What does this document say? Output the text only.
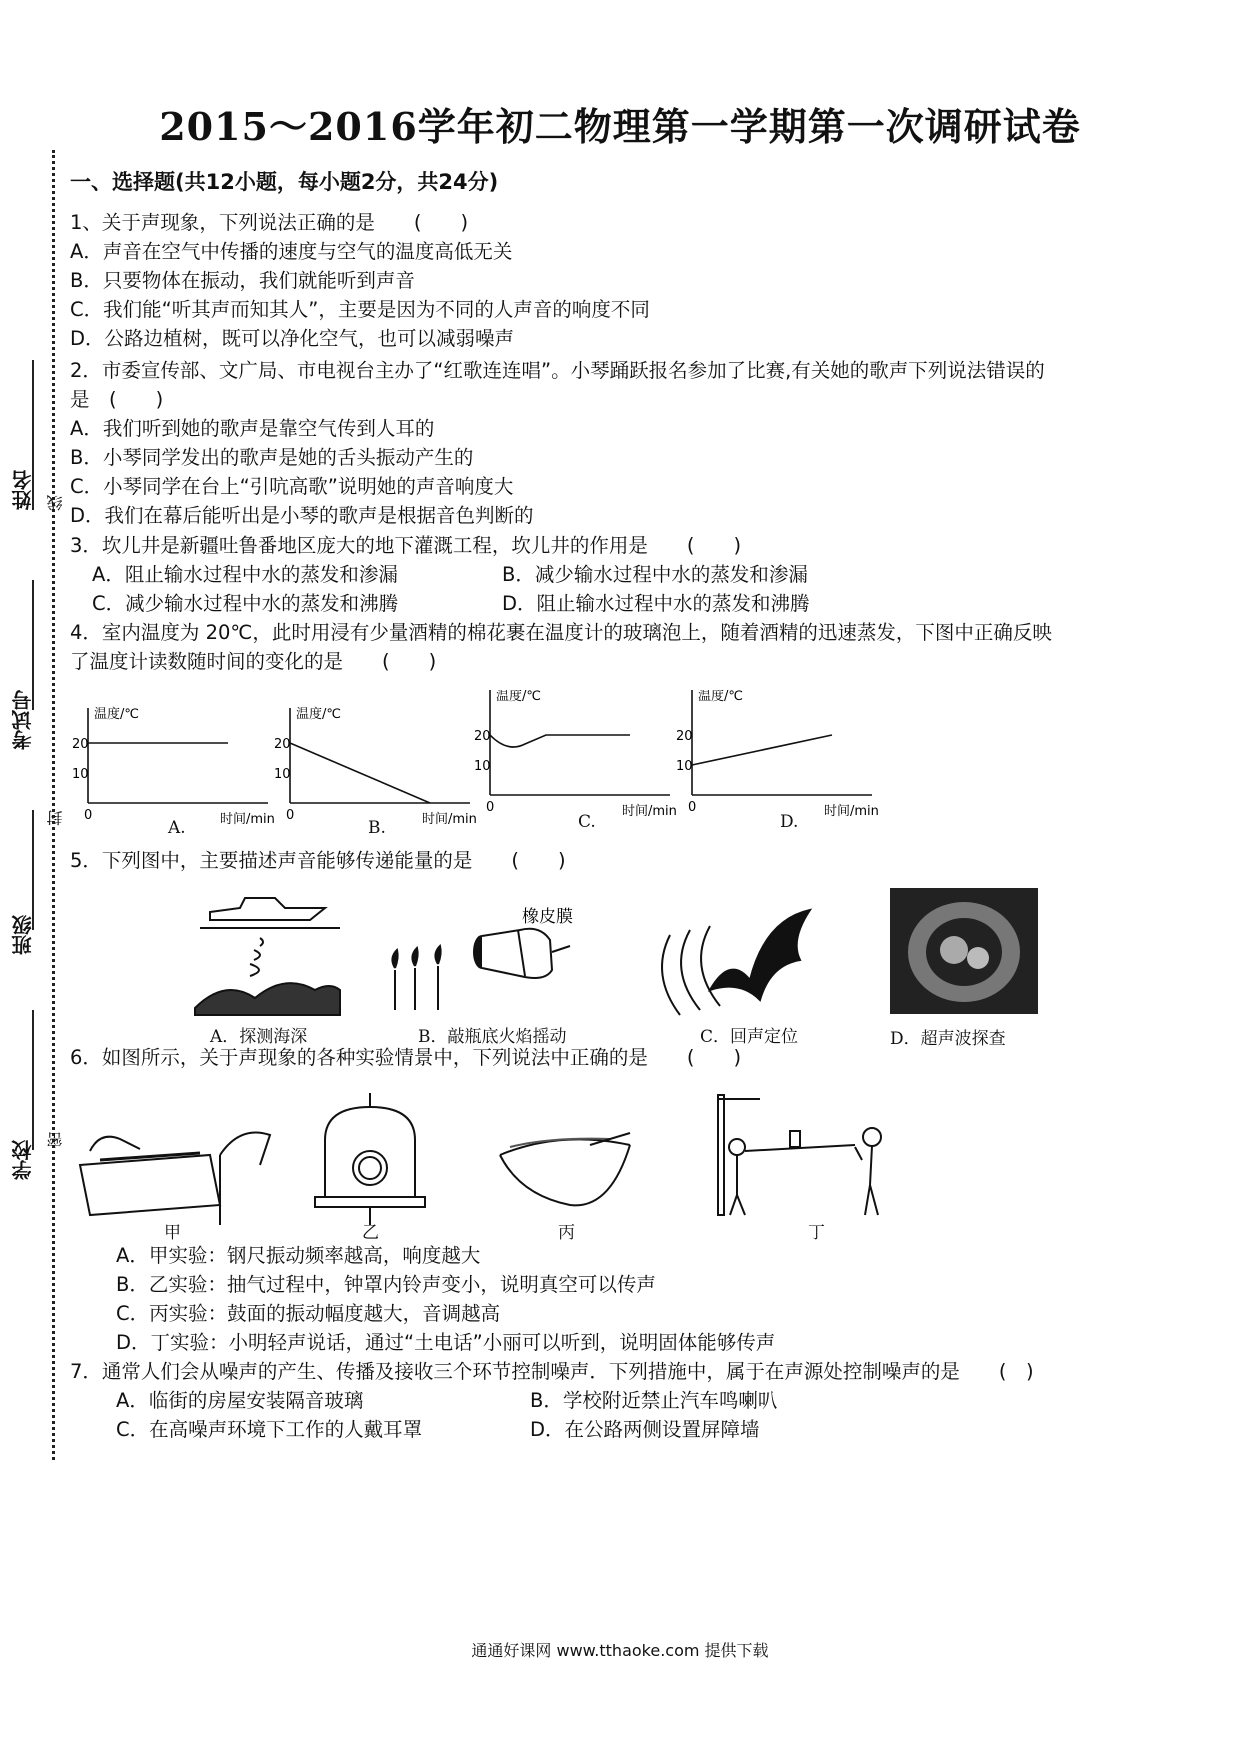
2015～2016学年初二物理第一学期第一次调研试卷
姓名
考试号
班级
学校
线
封
密
一、选择题(共12小题，每小题2分，共24分)

1、关于声现象，下列说法正确的是　　(　　)

A．声音在空气中传播的速度与空气的温度高低无关

B．只要物体在振动，我们就能听到声音

C．我们能“听其声而知其人”，主要是因为不同的人声音的响度不同

D．公路边植树，既可以净化空气，也可以减弱噪声

2．市委宣传部、文广局、市电视台主办了“红歌连连唱”。小琴踊跃报名参加了比赛,有关她的歌声下列说法错误的

是　(　　)

A．我们听到她的歌声是靠空气传到人耳的

B．小琴同学发出的歌声是她的舌头振动产生的

C．小琴同学在台上“引吭高歌”说明她的声音响度大

D．我们在幕后能听出是小琴的歌声是根据音色判断的

3．坎儿井是新疆吐鲁番地区庞大的地下灌溉工程，坎儿井的作用是　　(　　)

A．阻止输水过程中水的蒸发和渗漏	B．减少输水过程中水的蒸发和渗漏
C．减少输水过程中水的蒸发和沸腾	D．阻止输水过程中水的蒸发和沸腾

4．室内温度为 20℃，此时用浸有少量酒精的棉花裹在温度计的玻璃泡上，随着酒精的迅速蒸发，下图中正确反映

了温度计读数随时间的变化的是　　(　　)

温度/℃
时间/min
20
10
0
温度/℃
时间/min
20
10
0
温度/℃
时间/min
20
10
0
温度/℃
时间/min
20
10
0
A.	B.	C.	D.

5．下列图中，主要描述声音能够传递能量的是　　(　　)

橡皮膜
A．探测海深	B．敲瓶底火焰摇动	C．回声定位	D．超声波探查

6．如图所示，关于声现象的各种实验情景中，下列说法中正确的是　　(　　)

甲	乙	丙	丁

A．甲实验：钢尺振动频率越高，响度越大

B．乙实验：抽气过程中，钟罩内铃声变小，说明真空可以传声

C．丙实验：鼓面的振动幅度越大，音调越高

D．丁实验：小明轻声说话，通过“土电话”小丽可以听到，说明固体能够传声

7．通常人们会从噪声的产生、传播及接收三个环节控制噪声．下列措施中，属于在声源处控制噪声的是　　(　)

A．临街的房屋安装隔音玻璃	B．学校附近禁止汽车鸣喇叭
C．在高噪声环境下工作的人戴耳罩	D．在公路两侧设置屏障墙
通通好课网 www.tthaoke.com 提供下载
